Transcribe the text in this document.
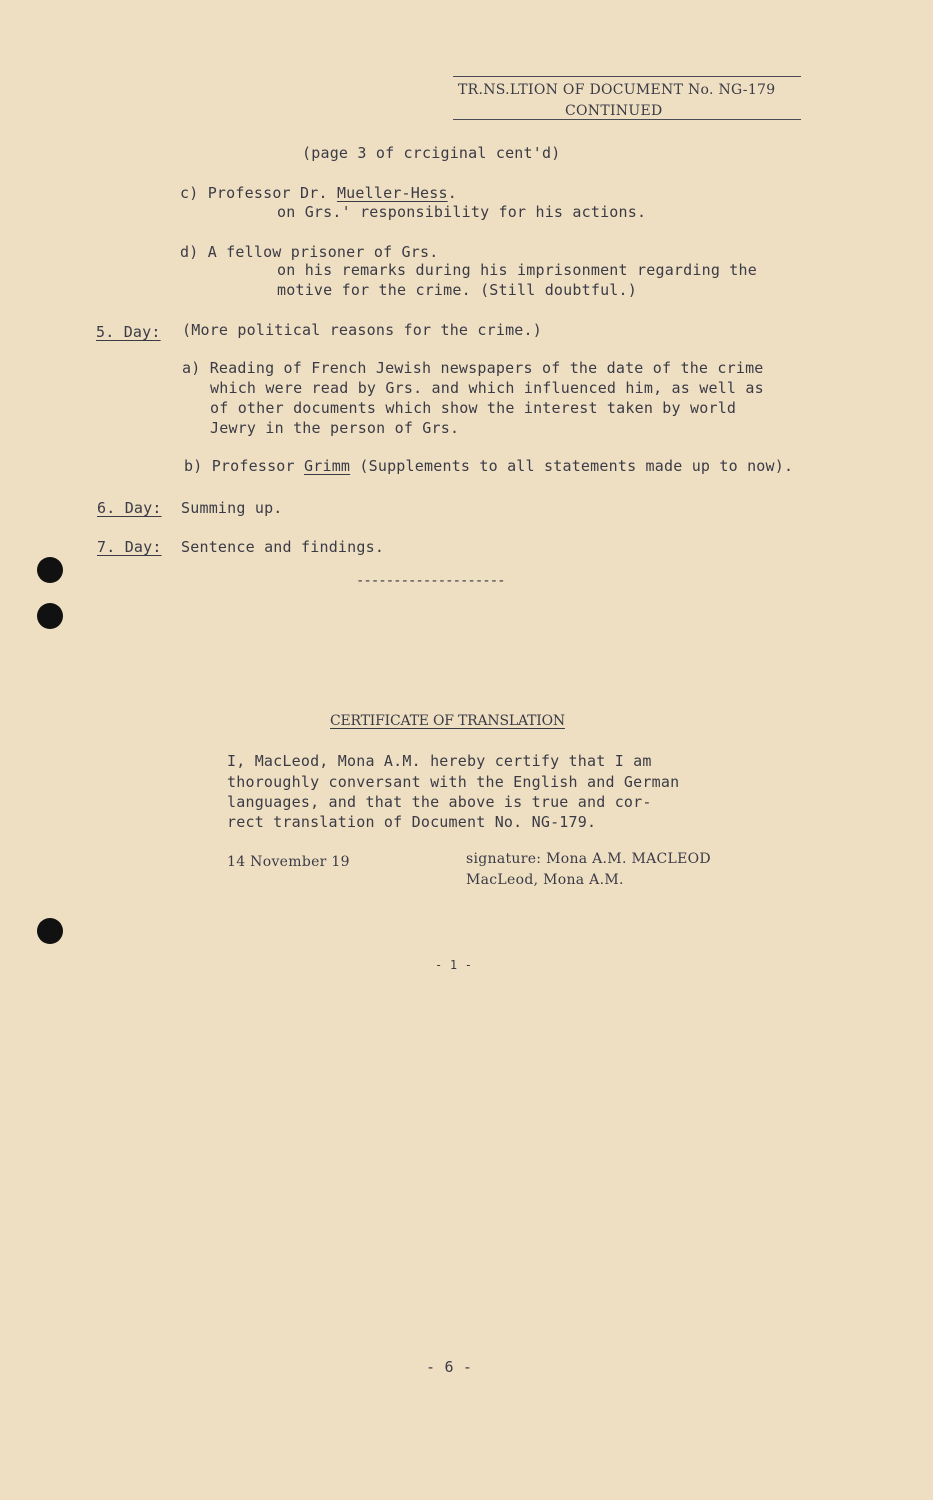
TR.NS.LTION OF DOCUMENT No. NG-179
CONTINUED
(page 3 of crciginal cent'd)
c) Professor Dr. Mueller-Hess.
on Grs.' responsibility for his actions.
d) A fellow prisoner of Grs.
on his remarks during his imprisonment regarding the
motive for the crime. (Still doubtful.)
5. Day: (More political reasons for the crime.)
a) Reading of French Jewish newspapers of the date of the crime
which were read by Grs. and which influenced him, as well as
of other documents which show the interest taken by world
Jewry in the person of Grs.
b) Professor Grimm (Supplements to all statements made up to now).
6. Day: Summing up.
7. Day: Sentence and findings.
--------------------
CERTIFICATE OF TRANSLATION
I, MacLeod, Mona A.M. hereby certify that I am
thoroughly conversant with the English and German
languages, and that the above is true and cor-
rect translation of Document No. NG-179.
14 November 19	signature: Mona A.M. MACLEOD
MacLeod, Mona A.M.
- 1 -
- 6 -
